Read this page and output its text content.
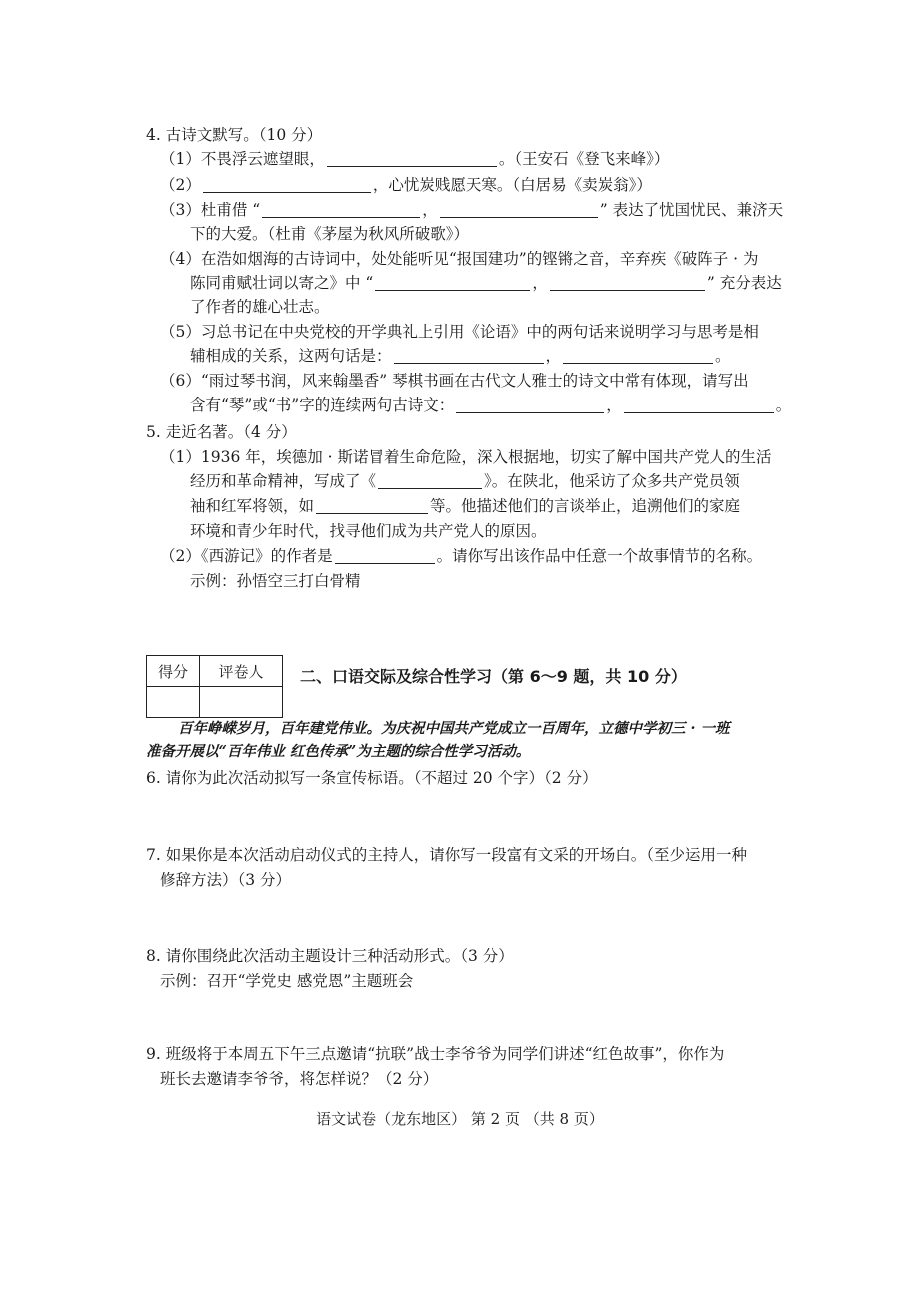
4. 古诗文默写。（10 分）
（1）不畏浮云遮望眼，	。（王安石《登飞来峰》）
（2）	，心忧炭贱愿天寒。（白居易《卖炭翁》）
（3）杜甫借 “	，	” 表达了忧国忧民、兼济天
下的大爱。（杜甫《茅屋为秋风所破歌》）
（4）在浩如烟海的古诗词中，处处能听见“报国建功”的铿锵之音，辛弃疾《破阵子 · 为
陈同甫赋壮词以寄之》中 “	，	” 充分表达
了作者的雄心壮志。
（5）习总书记在中央党校的开学典礼上引用《论语》中的两句话来说明学习与思考是相
辅相成的关系，这两句话是：	，	。
（6）“雨过琴书润，风来翰墨香” 琴棋书画在古代文人雅士的诗文中常有体现，请写出
含有“琴”或“书”字的连续两句古诗文：	，	。
5. 走近名著。（4 分）
（1）1936 年，埃德加 · 斯诺冒着生命危险，深入根据地，切实了解中国共产党人的生活
经历和革命精神，写成了《	》。在陕北，他采访了众多共产党员领
袖和红军将领，如	等。他描述他们的言谈举止，追溯他们的家庭
环境和青少年时代，找寻他们成为共产党人的原因。
（2）《西游记》的作者是	。请你写出该作品中任意一个故事情节的名称。
示例：孙悟空三打白骨精
得分	评卷人
	二、口语交际及综合性学习（第 6～9 题，共 10 分）
百年峥嵘岁月，百年建党伟业。为庆祝中国共产党成立一百周年，立德中学初三 · 一班
准备开展以“百年伟业 红色传承”为主题的综合性学习活动。
6. 请你为此次活动拟写一条宣传标语。（不超过 20 个字）（2 分）
7. 如果你是本次活动启动仪式的主持人，请你写一段富有文采的开场白。（至少运用一种
修辞方法）（3 分）
8. 请你围绕此次活动主题设计三种活动形式。（3 分）
示例：召开“学党史 感党恩”主题班会
9. 班级将于本周五下午三点邀请“抗联”战士李爷爷为同学们讲述“红色故事”，你作为
班长去邀请李爷爷，将怎样说？（2 分）
语文试卷（龙东地区） 第 2 页 （共 8 页）
